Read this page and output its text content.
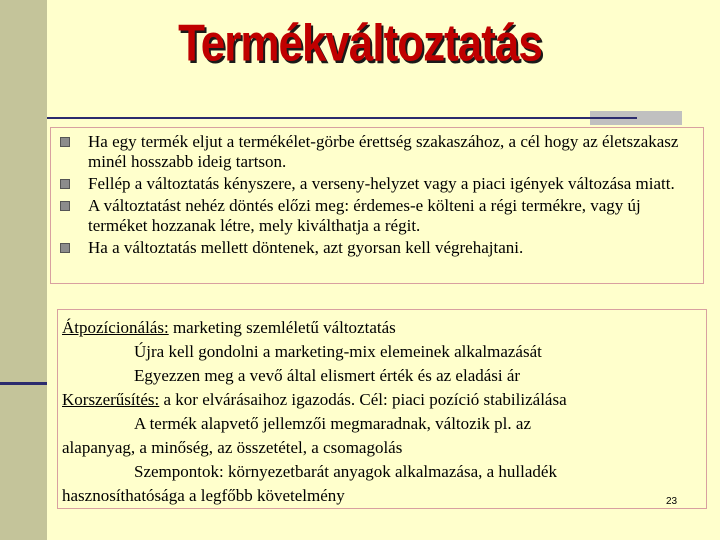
Termékváltoztatás
Ha egy termék eljut a termékélet-görbe érettség szakaszához, a cél hogy az életszakasz minél hosszabb ideig tartson.
Fellép a változtatás kényszere, a verseny-helyzet vagy a piaci igények változása miatt.
A változtatást nehéz döntés előzi meg: érdemes-e költeni a régi termékre, vagy új terméket hozzanak létre, mely kiválthatja a régit.
Ha a változtatás mellett döntenek, azt gyorsan kell végrehajtani.
Átpozícionálás: marketing szemléletű változtatás
Újra kell gondolni a marketing-mix elemeinek alkalmazását
Egyezzen meg a vevő által elismert érték és az eladási ár
Korszerűsítés: a kor elvárásaihoz igazodás. Cél: piaci pozíció stabilizálása
A termék alapvető jellemzői megmaradnak, változik pl. az
alapanyag, a minőség, az összetétel, a csomagolás
Szempontok: környezetbarát anyagok alkalmazása, a hulladék
hasznosíthatósága a legfőbb követelmény	23
